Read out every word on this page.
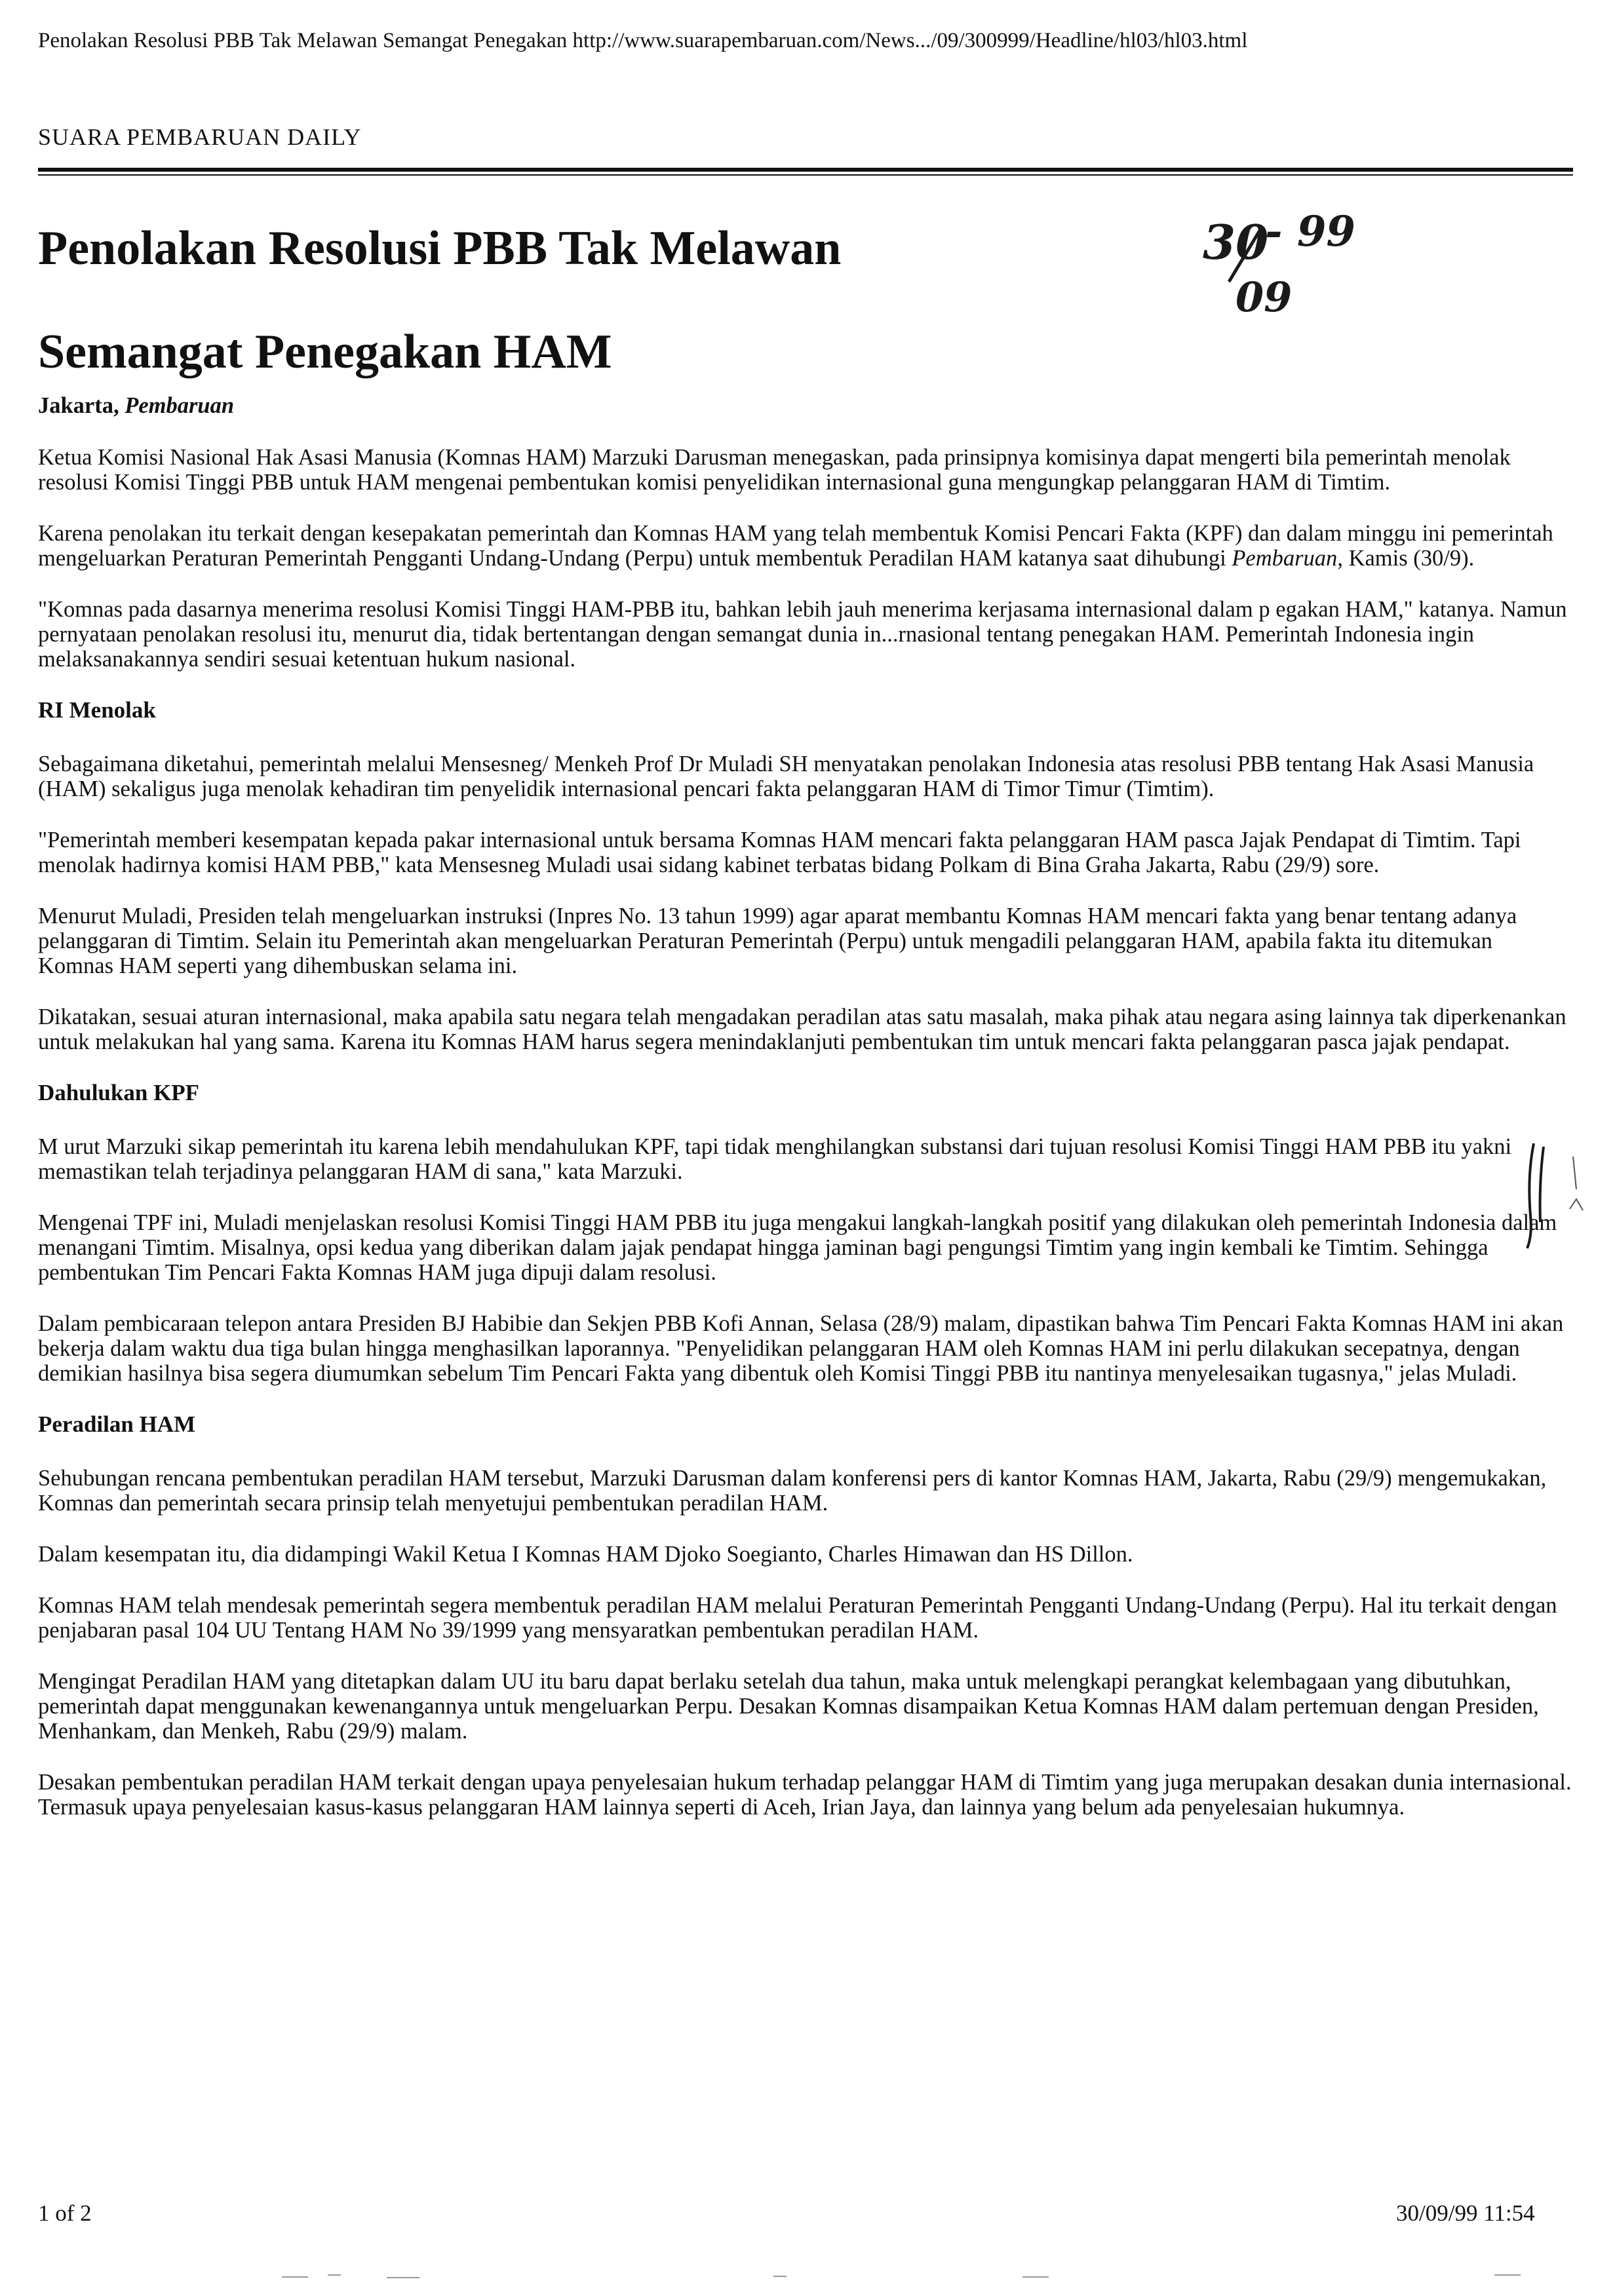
Penolakan Resolusi PBB Tak Melawan Semangat Penegakan http://www.suarapembaruan.com/News.../09/300999/Headline/hl03/hl03.html
SUARA PEMBARUAN DAILY
Penolakan Resolusi PBB Tak Melawan
Semangat Penegakan HAM
30
- 99
09

Jakarta, Pembaruan

Ketua Komisi Nasional Hak Asasi Manusia (Komnas HAM) Marzuki Darusman menegaskan, pada prinsipnya komisinya dapat mengerti bila pemerintah menolak resolusi Komisi Tinggi PBB untuk HAM mengenai pembentukan komisi penyelidikan internasional guna mengungkap pelanggaran HAM di Timtim.

Karena penolakan itu terkait dengan kesepakatan pemerintah dan Komnas HAM yang telah membentuk Komisi Pencari Fakta (KPF) dan dalam minggu ini pemerintah mengeluarkan Peraturan Pemerintah Pengganti Undang-Undang (Perpu) untuk membentuk Peradilan HAM katanya saat dihubungi Pembaruan, Kamis (30/9).

"Komnas pada dasarnya menerima resolusi Komisi Tinggi HAM-PBB itu, bahkan lebih jauh menerima kerjasama internasional dalam p egakan HAM," katanya. Namun pernyataan penolakan resolusi itu, menurut dia, tidak bertentangan dengan semangat dunia in...rnasional tentang penegakan HAM. Pemerintah Indonesia ingin melaksanakannya sendiri sesuai ketentuan hukum nasional.

RI Menolak

Sebagaimana diketahui, pemerintah melalui Mensesneg/ Menkeh Prof Dr Muladi SH menyatakan penolakan Indonesia atas resolusi PBB tentang Hak Asasi Manusia (HAM) sekaligus juga menolak kehadiran tim penyelidik internasional pencari fakta pelanggaran HAM di Timor Timur (Timtim).

"Pemerintah memberi kesempatan kepada pakar internasional untuk bersama Komnas HAM mencari fakta pelanggaran HAM pasca Jajak Pendapat di Timtim. Tapi menolak hadirnya komisi HAM PBB," kata Mensesneg Muladi usai sidang kabinet terbatas bidang Polkam di Bina Graha Jakarta, Rabu (29/9) sore.

Menurut Muladi, Presiden telah mengeluarkan instruksi (Inpres No. 13 tahun 1999) agar aparat membantu Komnas HAM mencari fakta yang benar tentang adanya pelanggaran di Timtim. Selain itu Pemerintah akan mengeluarkan Peraturan Pemerintah (Perpu) untuk mengadili pelanggaran HAM, apabila fakta itu ditemukan Komnas HAM seperti yang dihembuskan selama ini.

Dikatakan, sesuai aturan internasional, maka apabila satu negara telah mengadakan peradilan atas satu masalah, maka pihak atau negara asing lainnya tak diperkenankan untuk melakukan hal yang sama. Karena itu Komnas HAM harus segera menindaklanjuti pembentukan tim untuk mencari fakta pelanggaran pasca jajak pendapat.

Dahulukan KPF

M urut Marzuki sikap pemerintah itu karena lebih mendahulukan KPF, tapi tidak menghilangkan substansi dari tujuan resolusi Komisi Tinggi HAM PBB itu yakni memastikan telah terjadinya pelanggaran HAM di sana," kata Marzuki.

Mengenai TPF ini, Muladi menjelaskan resolusi Komisi Tinggi HAM PBB itu juga mengakui langkah-langkah positif yang dilakukan oleh pemerintah Indonesia dalam menangani Timtim. Misalnya, opsi kedua yang diberikan dalam jajak pendapat hingga jaminan bagi pengungsi Timtim yang ingin kembali ke Timtim. Sehingga pembentukan Tim Pencari Fakta Komnas HAM juga dipuji dalam resolusi.

Dalam pembicaraan telepon antara Presiden BJ Habibie dan Sekjen PBB Kofi Annan, Selasa (28/9) malam, dipastikan bahwa Tim Pencari Fakta Komnas HAM ini akan bekerja dalam waktu dua tiga bulan hingga menghasilkan laporannya. "Penyelidikan pelanggaran HAM oleh Komnas HAM ini perlu dilakukan secepatnya, dengan demikian hasilnya bisa segera diumumkan sebelum Tim Pencari Fakta yang dibentuk oleh Komisi Tinggi PBB itu nantinya menyelesaikan tugasnya," jelas Muladi.

Peradilan HAM

Sehubungan rencana pembentukan peradilan HAM tersebut, Marzuki Darusman dalam konferensi pers di kantor Komnas HAM, Jakarta, Rabu (29/9) mengemukakan, Komnas dan pemerintah secara prinsip telah menyetujui pembentukan peradilan HAM.

Dalam kesempatan itu, dia didampingi Wakil Ketua I Komnas HAM Djoko Soegianto, Charles Himawan dan HS Dillon.

Komnas HAM telah mendesak pemerintah segera membentuk peradilan HAM melalui Peraturan Pemerintah Pengganti Undang-Undang (Perpu). Hal itu terkait dengan penjabaran pasal 104 UU Tentang HAM No 39/1999 yang mensyaratkan pembentukan peradilan HAM.

Mengingat Peradilan HAM yang ditetapkan dalam UU itu baru dapat berlaku setelah dua tahun, maka untuk melengkapi perangkat kelembagaan yang dibutuhkan, pemerintah dapat menggunakan kewenangannya untuk mengeluarkan Perpu. Desakan Komnas disampaikan Ketua Komnas HAM dalam pertemuan dengan Presiden, Menhankam, dan Menkeh, Rabu (29/9) malam.

Desakan pembentukan peradilan HAM terkait dengan upaya penyelesaian hukum terhadap pelanggar HAM di Timtim yang juga merupakan desakan dunia internasional. Termasuk upaya penyelesaian kasus-kasus pelanggaran HAM lainnya seperti di Aceh, Irian Jaya, dan lainnya yang belum ada penyelesaian hukumnya.

1 of 2	30/09/99 11:54
